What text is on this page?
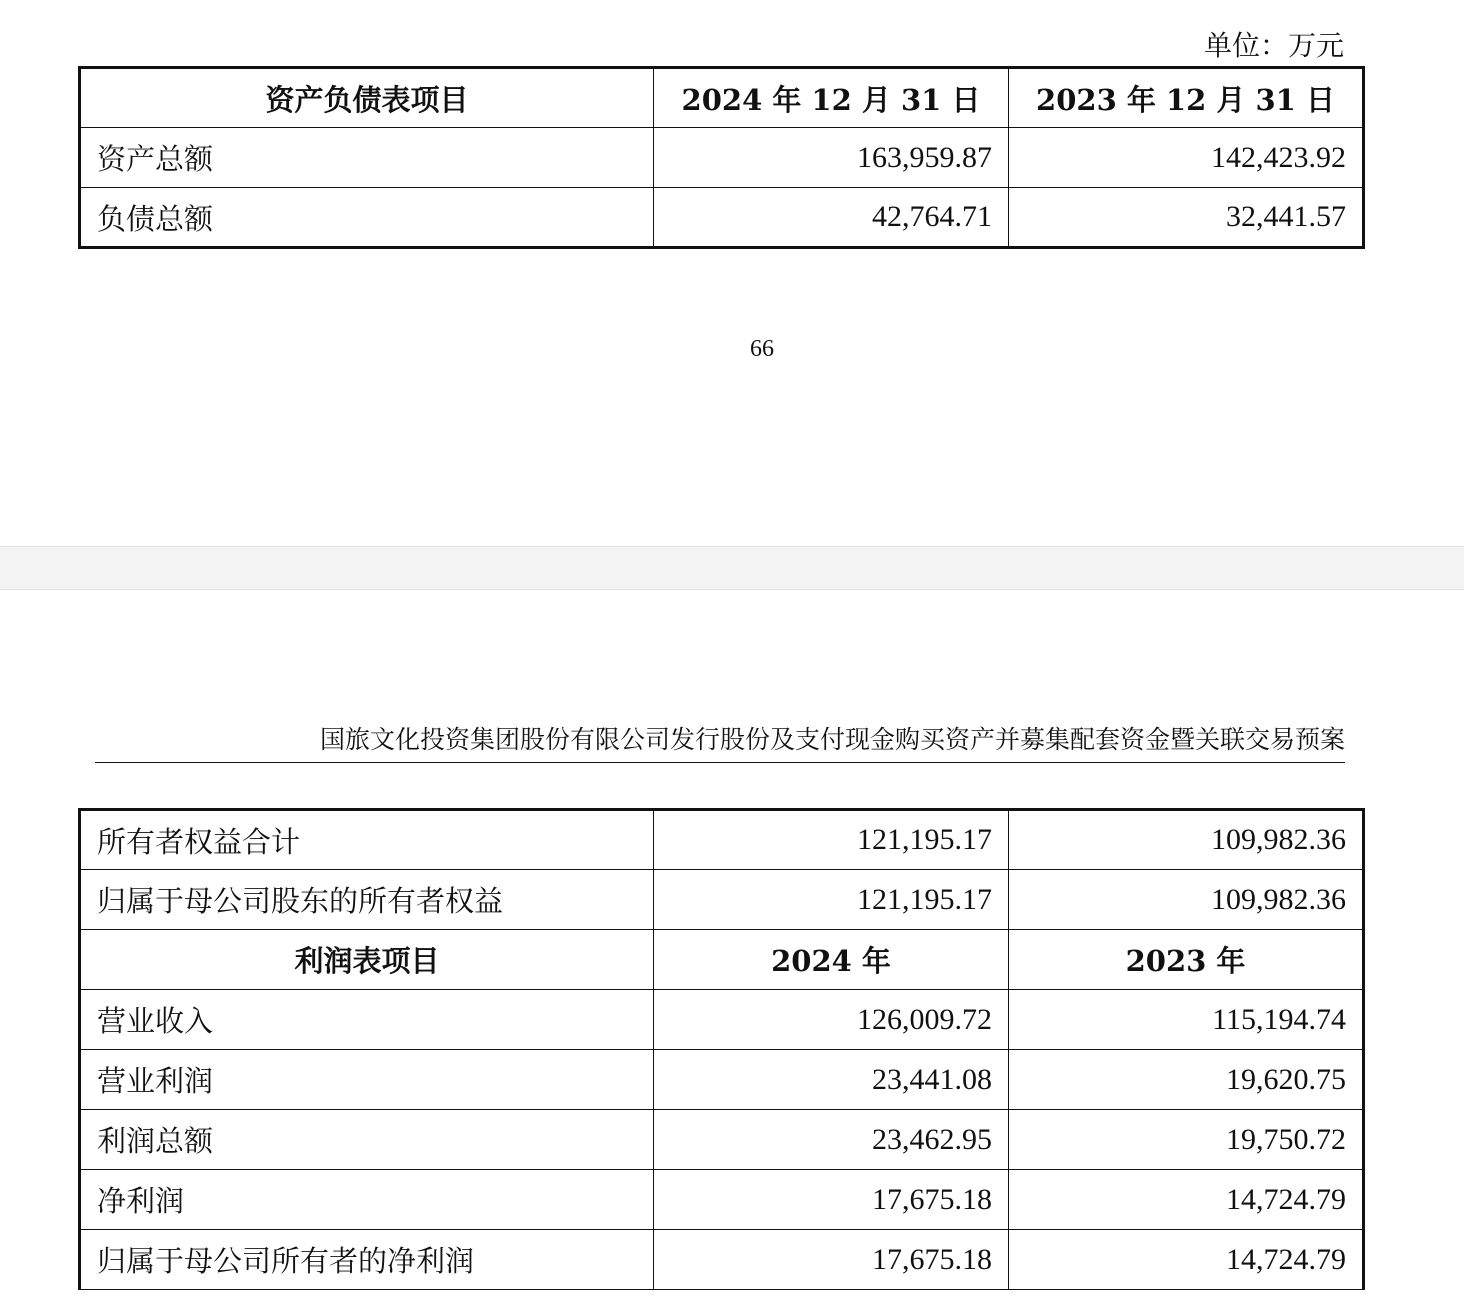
单位：万元
资产负债表项目	2024 年 12 月 31 日	2023 年 12 月 31 日
资产总额	163,959.87	142,423.92
负债总额	42,764.71	32,441.57
66
国旅文化投资集团股份有限公司发行股份及支付现金购买资产并募集配套资金暨关联交易预案
所有者权益合计	121,195.17	109,982.36
归属于母公司股东的所有者权益	121,195.17	109,982.36
利润表项目	2024 年	2023 年
营业收入	126,009.72	115,194.74
营业利润	23,441.08	19,620.75
利润总额	23,462.95	19,750.72
净利润	17,675.18	14,724.79
归属于母公司所有者的净利润	17,675.18	14,724.79
